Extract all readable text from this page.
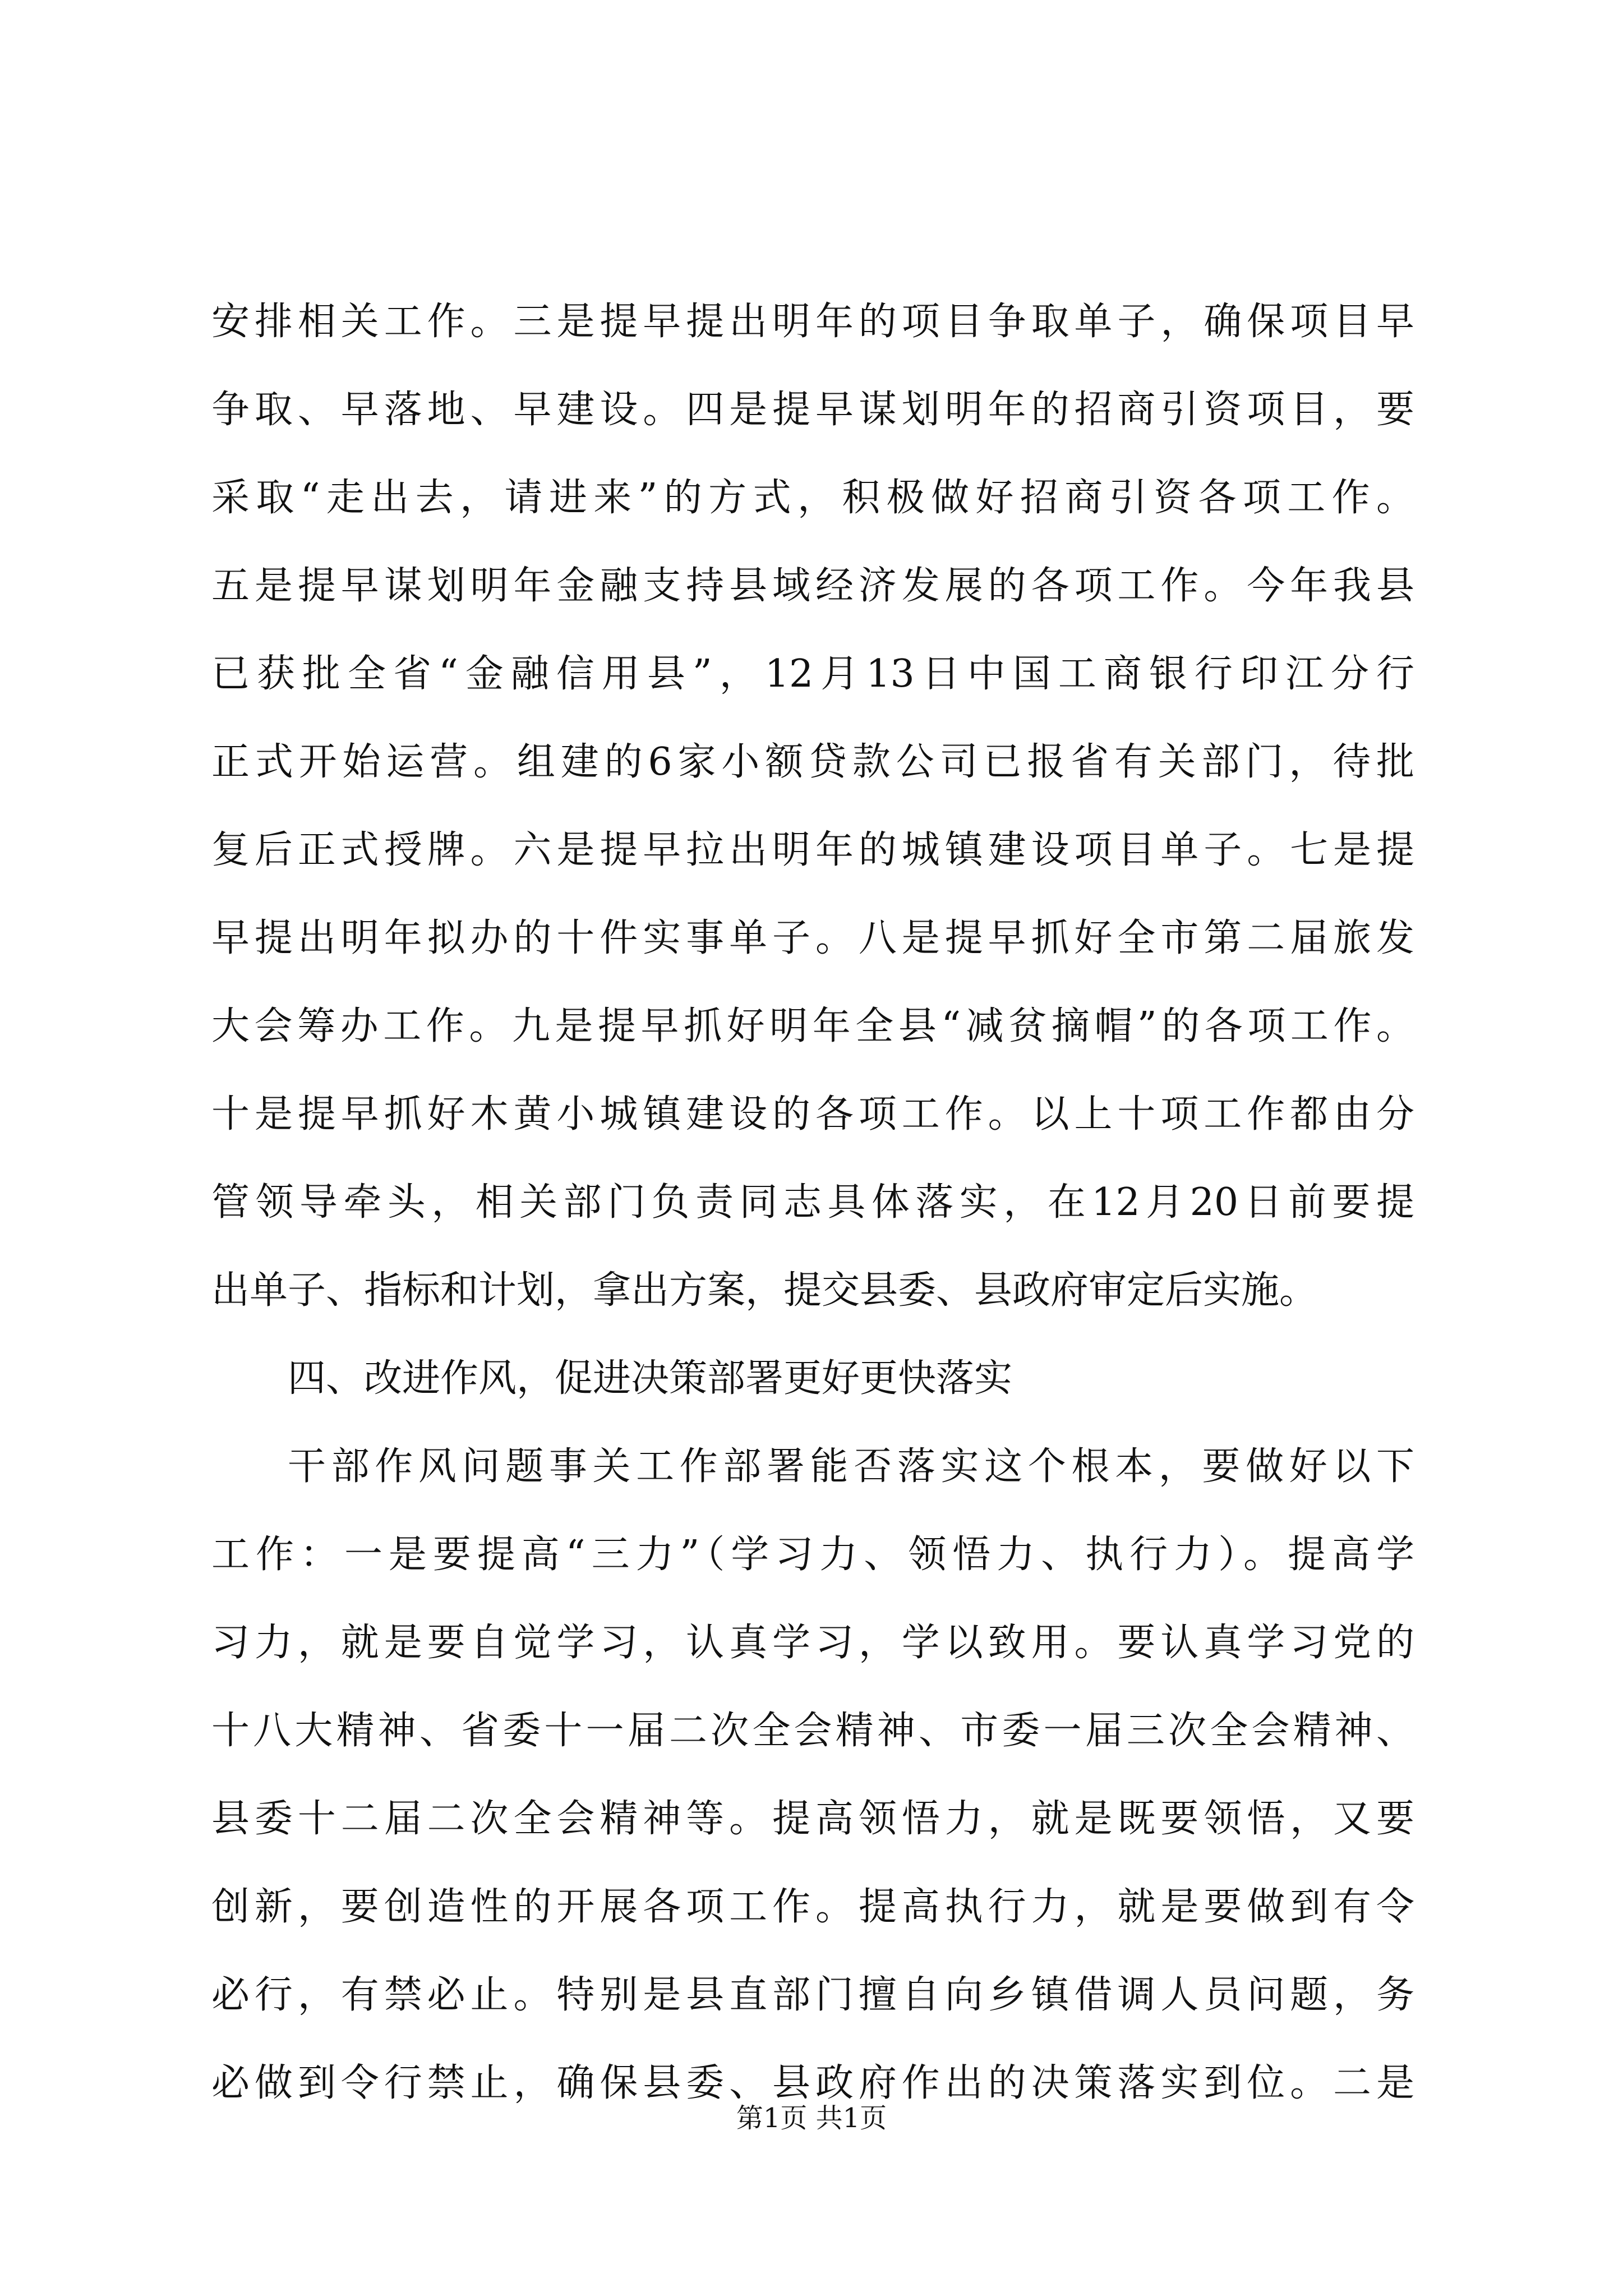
安排相关工作。三是提早提出明年的项目争取单子，确保项目早
争取、早落地、早建设。四是提早谋划明年的招商引资项目，要
采取“走出去，请进来”的方式，积极做好招商引资各项工作。
五是提早谋划明年金融支持县域经济发展的各项工作。今年我县
已获批全省“金融信用县”，12月13日中国工商银行印江分行
正式开始运营。组建的6家小额贷款公司已报省有关部门，待批
复后正式授牌。六是提早拉出明年的城镇建设项目单子。七是提
早提出明年拟办的十件实事单子。八是提早抓好全市第二届旅发
大会筹办工作。九是提早抓好明年全县“减贫摘帽”的各项工作。
十是提早抓好木黄小城镇建设的各项工作。以上十项工作都由分
管领导牵头，相关部门负责同志具体落实，在12月20日前要提
出单子、指标和计划，拿出方案，提交县委、县政府审定后实施。
四、改进作风，促进决策部署更好更快落实
干部作风问题事关工作部署能否落实这个根本，要做好以下
工作：一是要提高“三力”（学习力、领悟力、执行力）。提高学
习力，就是要自觉学习，认真学习，学以致用。要认真学习党的
十八大精神、省委十一届二次全会精神、市委一届三次全会精神、
县委十二届二次全会精神等。提高领悟力，就是既要领悟，又要
创新，要创造性的开展各项工作。提高执行力，就是要做到有令
必行，有禁必止。特别是县直部门擅自向乡镇借调人员问题，务
必做到令行禁止，确保县委、县政府作出的决策落实到位。二是
第1页 共1页
